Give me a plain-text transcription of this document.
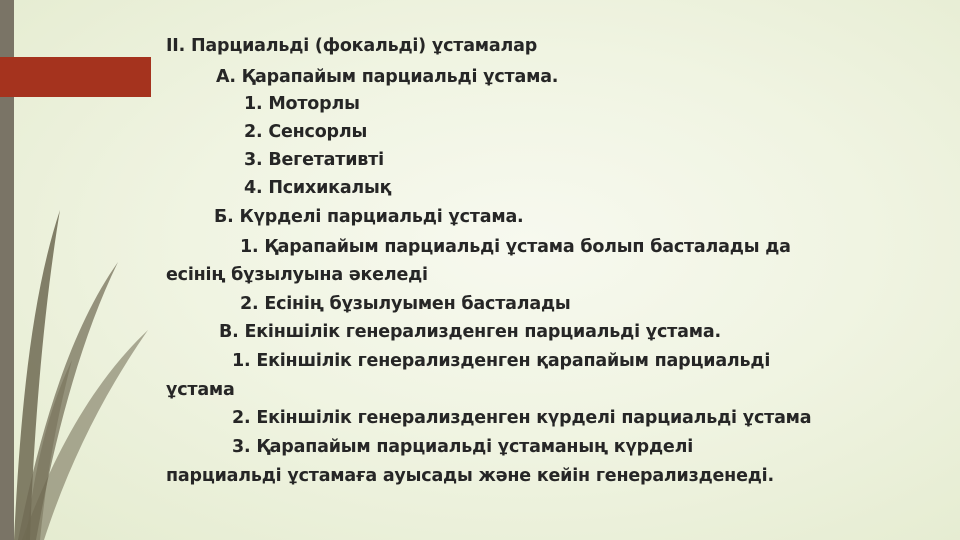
II. Парциальді (фокальді) ұстамалар
А. Қарапайым парциальді ұстама.
1. Моторлы
2. Сенсорлы
3. Вегетативті
4. Психикалық
Б. Күрделі парциальді ұстама.
1. Қарапайым парциальді ұстама болып басталады да
есінің бұзылуына әкеледі
2. Есінің бұзылуымен басталады
В. Екіншілік генерализденген парциальді ұстама.
1. Екіншілік генерализденген қарапайым парциальді
ұстама
2. Екіншілік генерализденген күрделі парциальді ұстама
3. Қарапайым парциальді ұстаманың күрделі
парциальді ұстамаға ауысады және кейін генерализденеді.
